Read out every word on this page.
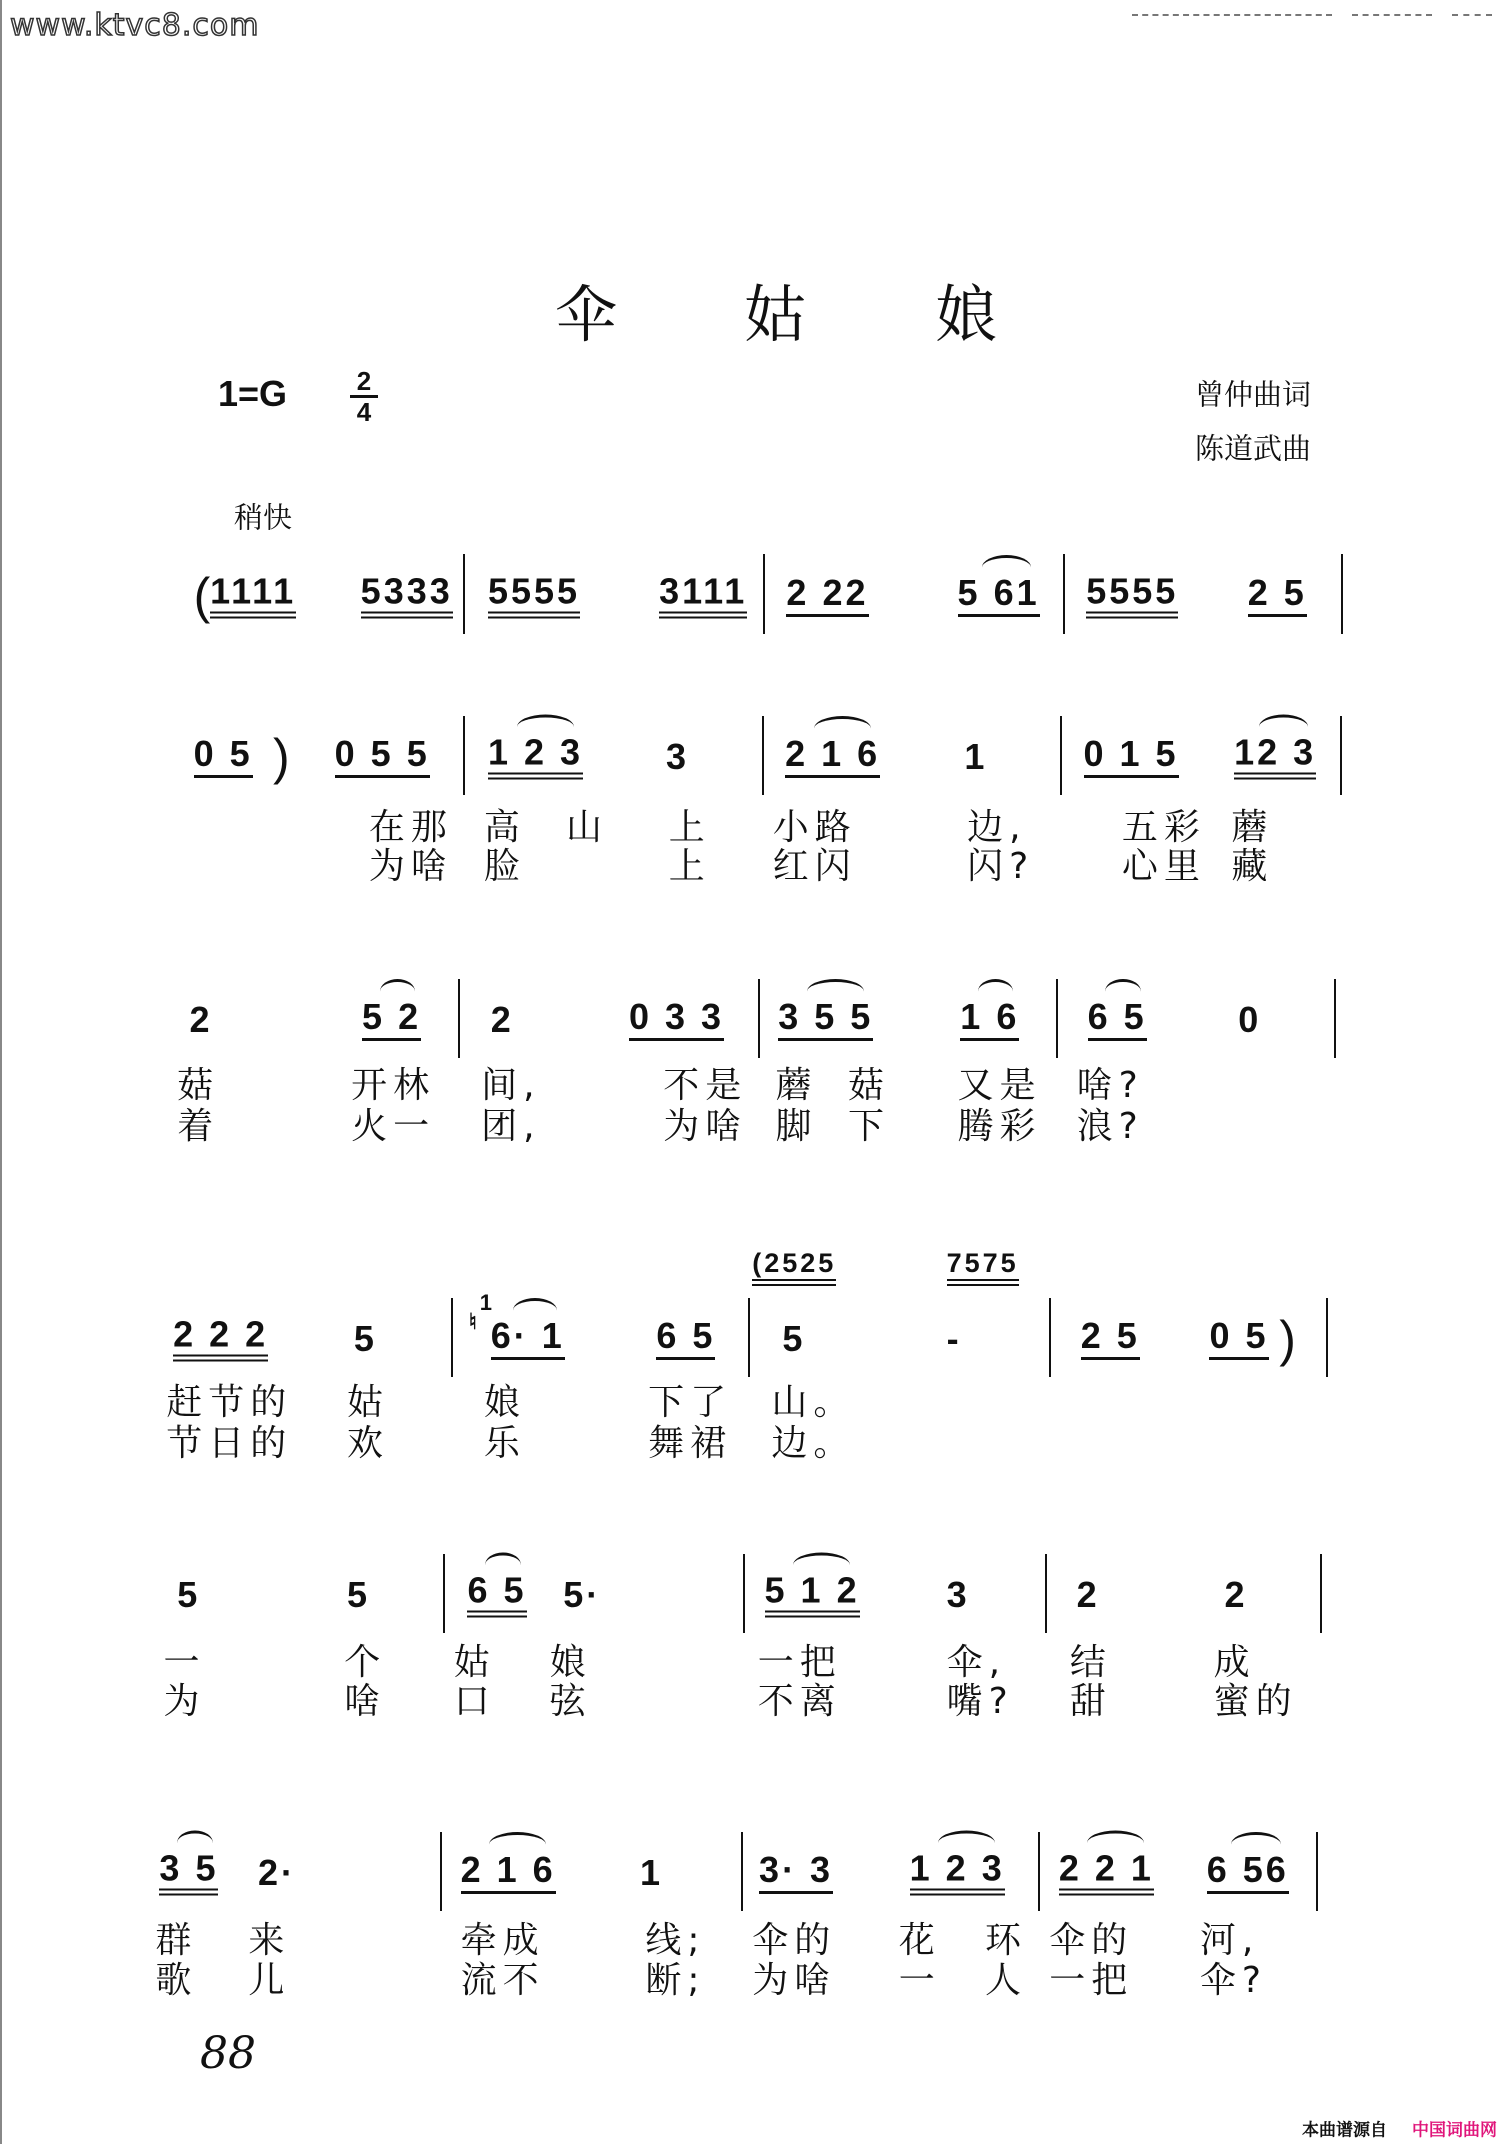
www.ktvc8.com
伞 姑 娘
1=G	2
4
曾仲曲词
陈道武曲
稍快
(
1111 5333 5555 3111 2 22 5 61 5555 2 5
0 5 ) 0 5 5 1 2 3 3	2 1 6 1	0 1 5 12 3
在那 高 山 上 小路	边,	五彩 蘑
为啥 脸	上 红闪	闪? 心里 藏
2	5 2 2	0 3 3 3 5 5 1 6 6 5	0
菇	开林 间,	不是 蘑 菇 又是 啥?
着	火一 团,	为啥 脚 下 腾彩 浪?
2 2 2 5	6· 1	6 5 5	-	2 5 0 5 )
(2525	7575
1
♮
赶节的 姑	娘	下了 山。
节日的 欢	乐	舞裙 边。
5	5	6 5 5·	5 1 2 3	2	2
一	个 姑 娘	一把	伞, 结	成
为	啥 口 弦	不离	嘴? 甜	蜜的
3 5 2·	2 1 6 1	3· 3 1 2 3 2 2 1 6 56
群 来	牵成	线; 伞的 花 环 伞的 河,
歌 儿	流不	断; 为啥 一 人 一把 伞?
88
本曲谱源自 中国词曲网
